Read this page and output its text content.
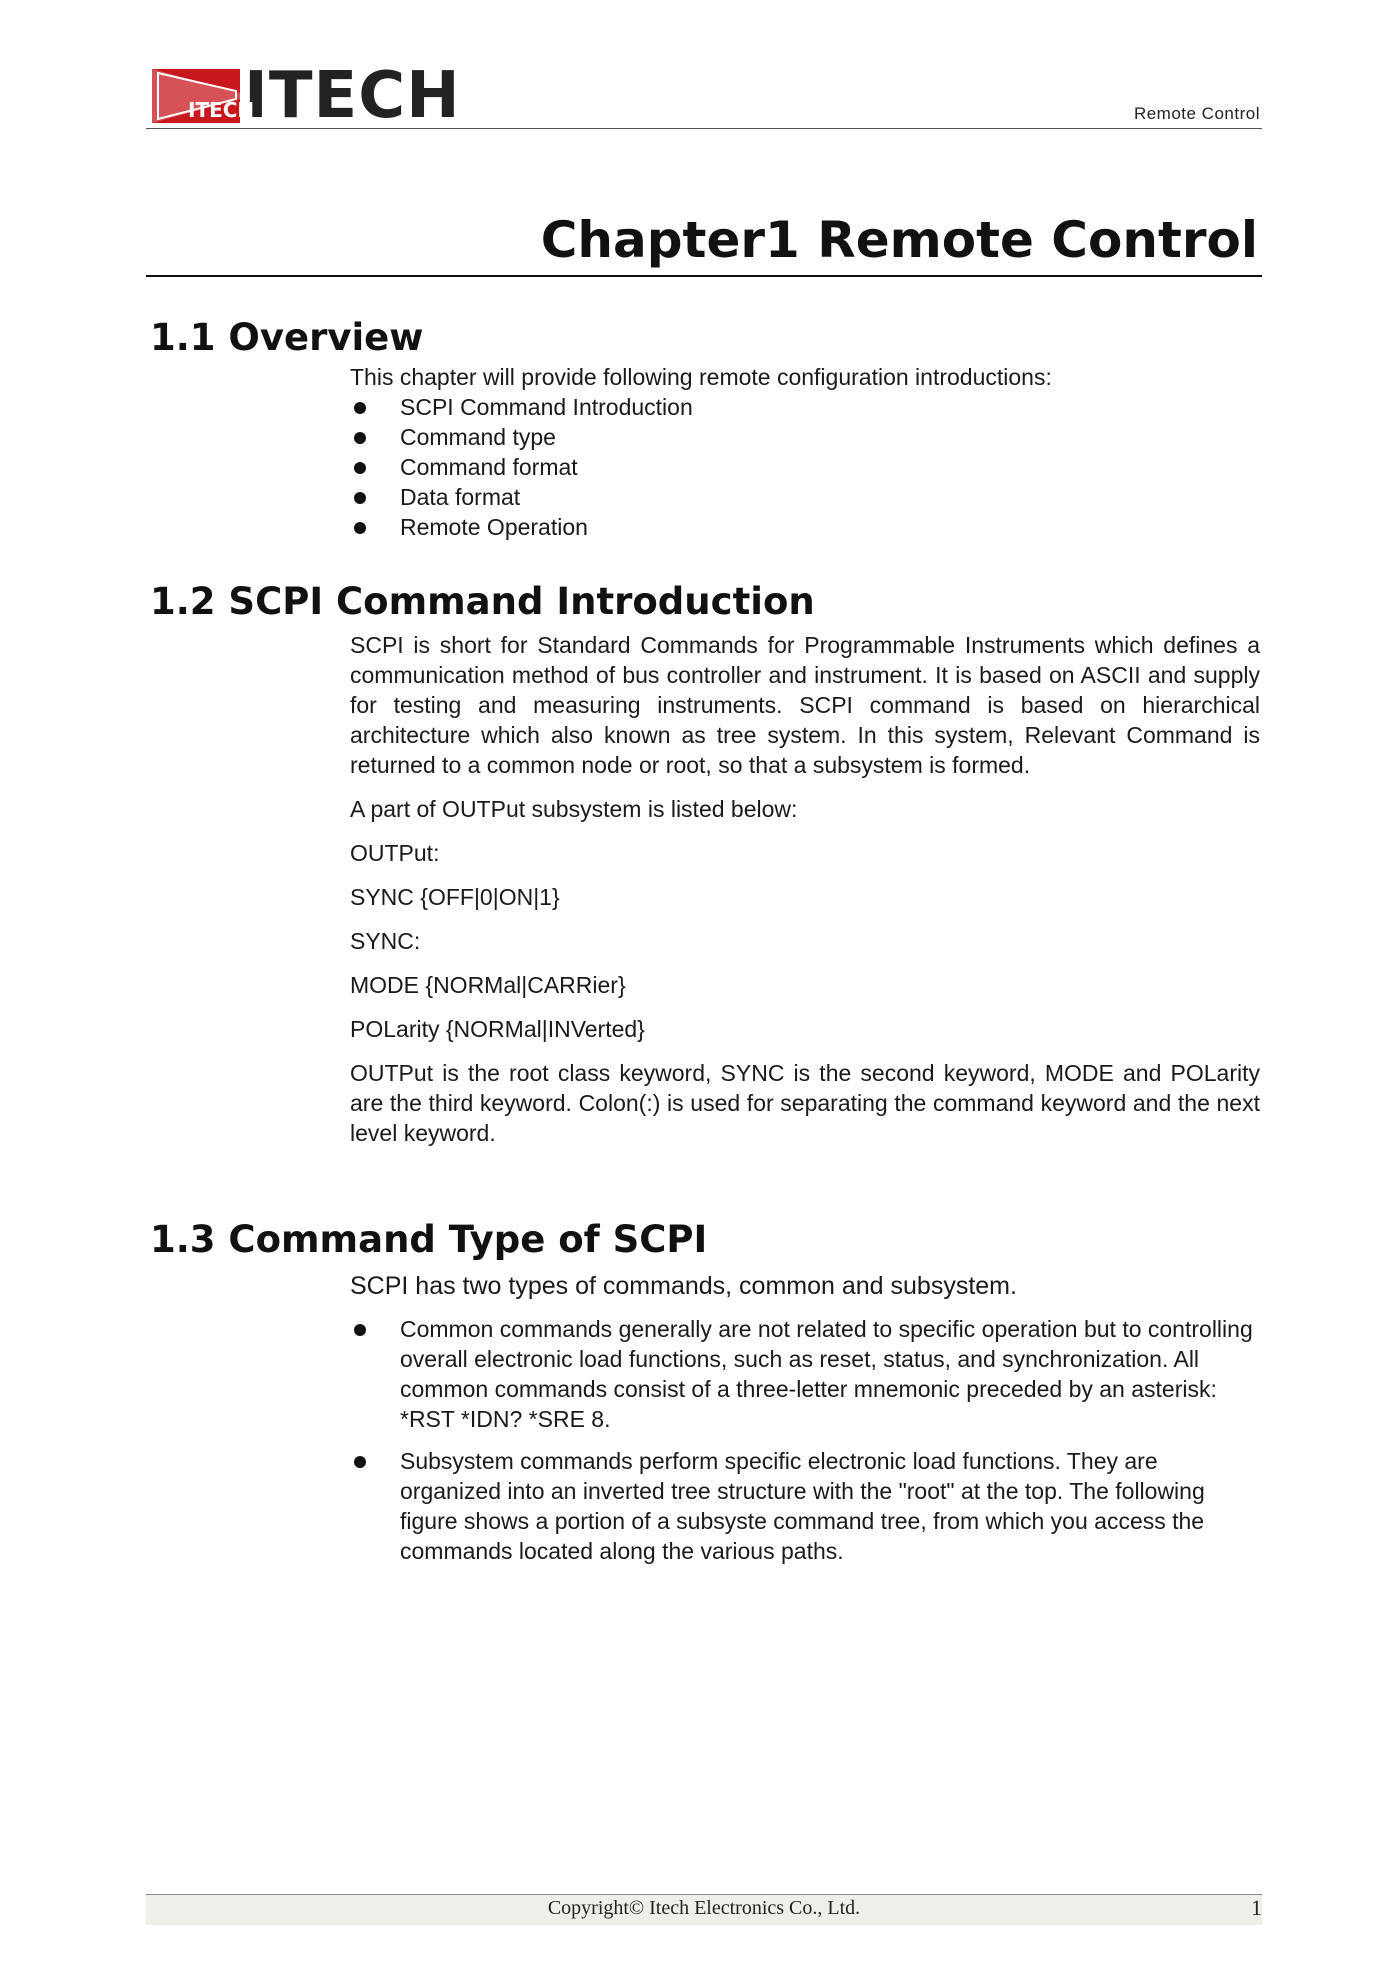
ITECH
ITECH	Remote Control
Chapter1 Remote Control
1.1 Overview

This chapter will provide following remote configuration introductions:

SCPI Command Introduction
Command type
Command format
Data format
Remote Operation
1.2 SCPI Command Introduction

SCPI is short for Standard Commands for Programmable Instruments which defines a communication method of bus controller and instrument. It is based on ASCII and supply for testing and measuring instruments. SCPI command is based on hierarchical architecture which also known as tree system. In this system, Relevant Command is returned to a common node or root, so that a subsystem is formed.

A part of OUTPut subsystem is listed below:

OUTPut:

SYNC {OFF|0|ON|1}

SYNC:

MODE {NORMal|CARRier}

POLarity {NORMal|INVerted}

OUTPut is the root class keyword, SYNC is the second keyword, MODE and POLarity are the third keyword. Colon(:) is used for separating the command keyword and the next level keyword.

1.3 Command Type of SCPI

SCPI has two types of commands, common and subsystem.

Common commands generally are not related to specific operation but to controlling overall electronic load functions, such as reset, status, and synchronization. All common commands consist of a three-letter mnemonic preceded by an asterisk: *RST *IDN? *SRE 8.
Subsystem commands perform specific electronic load functions. They are organized into an inverted tree structure with the "root" at the top. The following figure shows a portion of a subsyste command tree, from which you access the commands located along the various paths.
Copyright© Itech Electronics Co., Ltd.	1
